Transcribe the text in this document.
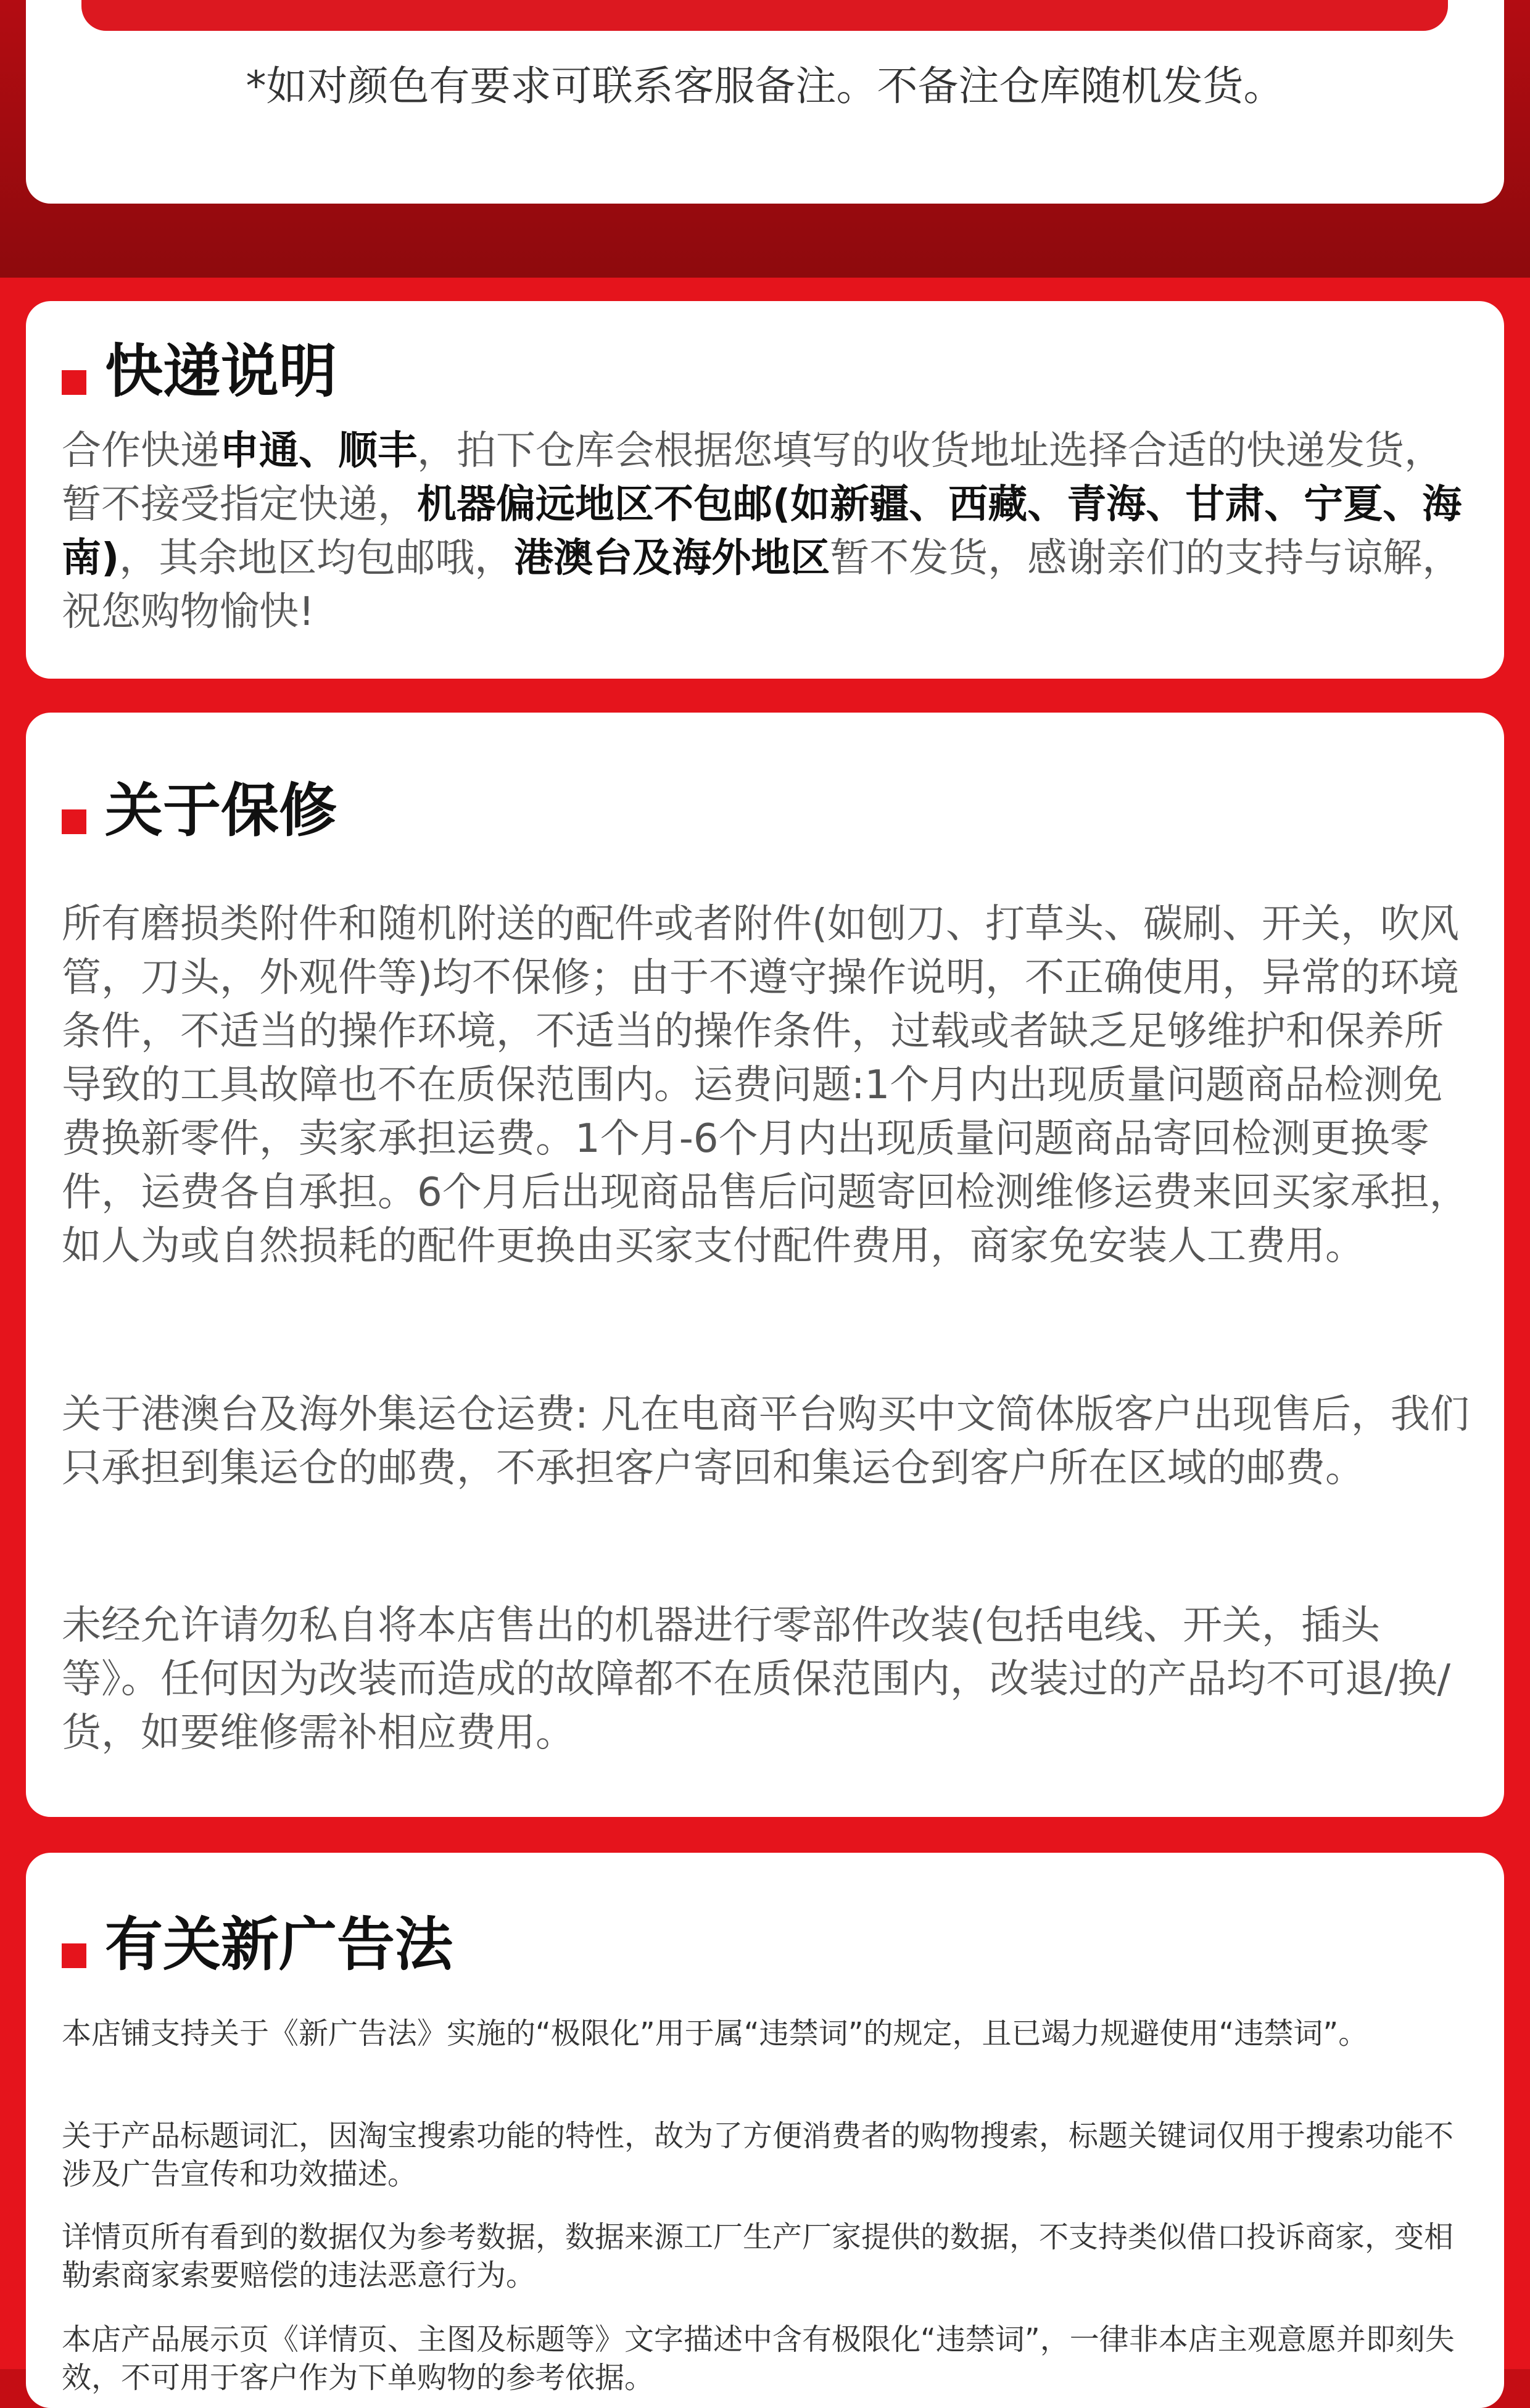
*如对颜色有要求可联系客服备注。不备注仓库随机发货。
快递说明

合作快递申通、顺丰，拍下仓库会根据您填写的收货地址选择合适的快递发货，暂不接受指定快递，机器偏远地区不包邮(如新疆、西藏、青海、甘肃、宁夏、海南)，其余地区均包邮哦，港澳台及海外地区暂不发货，感谢亲们的支持与谅解，祝您购物愉快!

关于保修

所有磨损类附件和随机附送的配件或者附件(如刨刀、打草头、碳刷、开关，吹风管，刀头，外观件等)均不保修；由于不遵守操作说明，不正确使用，异常的环境条件，不适当的操作环境，不适当的操作条件，过载或者缺乏足够维护和保养所导致的工具故障也不在质保范围内。运费问题:1个月内出现质量问题商品检测免费换新零件，卖家承担运费。1个月-6个月内出现质量问题商品寄回检测更换零件，运费各自承担。6个月后出现商品售后问题寄回检测维修运费来回买家承担，如人为或自然损耗的配件更换由买家支付配件费用，商家免安装人工费用。

关于港澳台及海外集运仓运费: 凡在电商平台购买中文简体版客户出现售后，我们只承担到集运仓的邮费，不承担客户寄回和集运仓到客户所在区域的邮费。

未经允许请勿私自将本店售出的机器进行零部件改装(包括电线、开关，插头等》。任何因为改装而造成的故障都不在质保范围内，改装过的产品均不可退/换/货，如要维修需补相应费用。

有关新广告法

本店铺支持关于《新广告法》实施的“极限化”用于属“违禁词”的规定，且已竭力规避使用“违禁词”。

关于产品标题词汇，因淘宝搜索功能的特性，故为了方便消费者的购物搜索，标题关键词仅用于搜索功能不涉及广告宣传和功效描述。

详情页所有看到的数据仅为参考数据，数据来源工厂生产厂家提供的数据，不支持类似借口投诉商家，变相勒索商家索要赔偿的违法恶意行为。

本店产品展示页《详情页、主图及标题等》文字描述中含有极限化“违禁词”，一律非本店主观意愿并即刻失效，不可用于客户作为下单购物的参考依据。
